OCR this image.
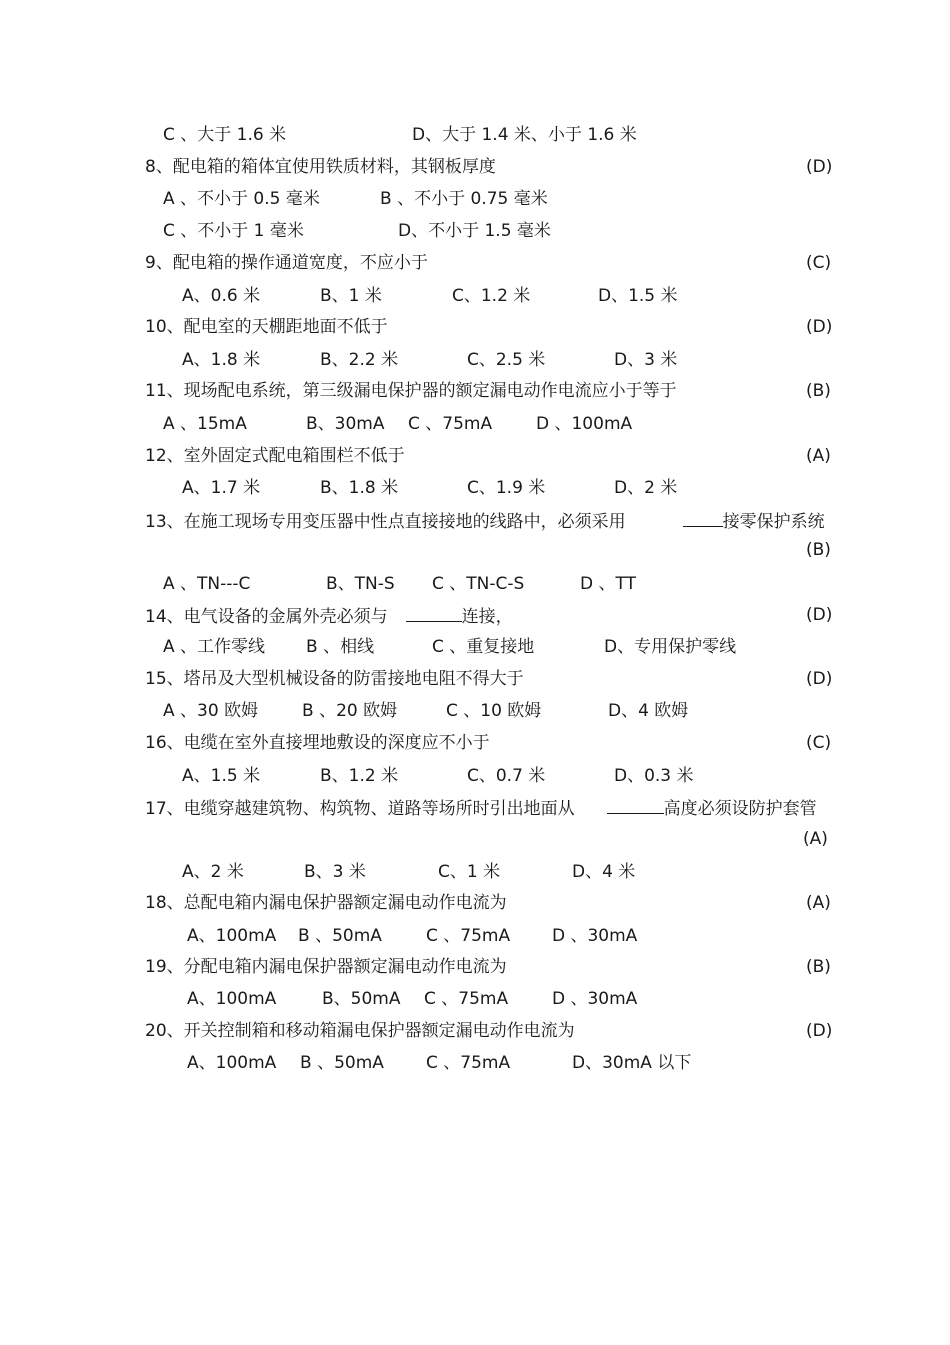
C 、大于 1.6 米	D、大于 1.4 米、小于 1.6 米
8、配电箱的箱体宜使用铁质材料，其钢板厚度	(D)
A 、不小于 0.5 毫米	B 、不小于 0.75 毫米
C 、不小于 1 毫米	D、不小于 1.5 毫米
9、配电箱的操作通道宽度，不应小于	(C)
A、0.6 米	B、1 米	C、1.2 米	D、1.5 米
10、配电室的天棚距地面不低于	(D)
A、1.8 米	B、2.2 米	C、2.5 米	D、3 米
11、现场配电系统，第三级漏电保护器的额定漏电动作电流应小于等于	(B)
A 、15mA	B、30mA C 、75mA	D 、100mA
12、室外固定式配电箱围栏不低于	(A)
A、1.7 米	B、1.8 米	C、1.9 米	D、2 米
13、在施工现场专用变压器中性点直接接地的线路中，必须采用	接零保护系统
(B)
A 、TN---C	B、TN-S C 、TN-C-S	D 、TT
14、电气设备的金属外壳必须与	连接，	(D)
A 、工作零线 B 、相线	C 、重复接地	D、专用保护零线
15、塔吊及大型机械设备的防雷接地电阻不得大于	(D)
A 、30 欧姆	B 、20 欧姆	C 、10 欧姆	D、4 欧姆
16、电缆在室外直接埋地敷设的深度应不小于	(C)
A、1.5 米	B、1.2 米	C、0.7 米	D、0.3 米
17、电缆穿越建筑物、构筑物、道路等场所时引出地面从	高度必须设防护套管
(A)
A、2 米	B、3 米	C、1 米	D、4 米
18、总配电箱内漏电保护器额定漏电动作电流为	(A)
A、100mA B 、50mA	C 、75mA D 、30mA
19、分配电箱内漏电保护器额定漏电动作电流为	(B)
A、100mA	B、50mA C 、75mA	D 、30mA
20、开关控制箱和移动箱漏电保护器额定漏电动作电流为	(D)
A、100mA B 、50mA C 、75mA	D、30mA 以下
